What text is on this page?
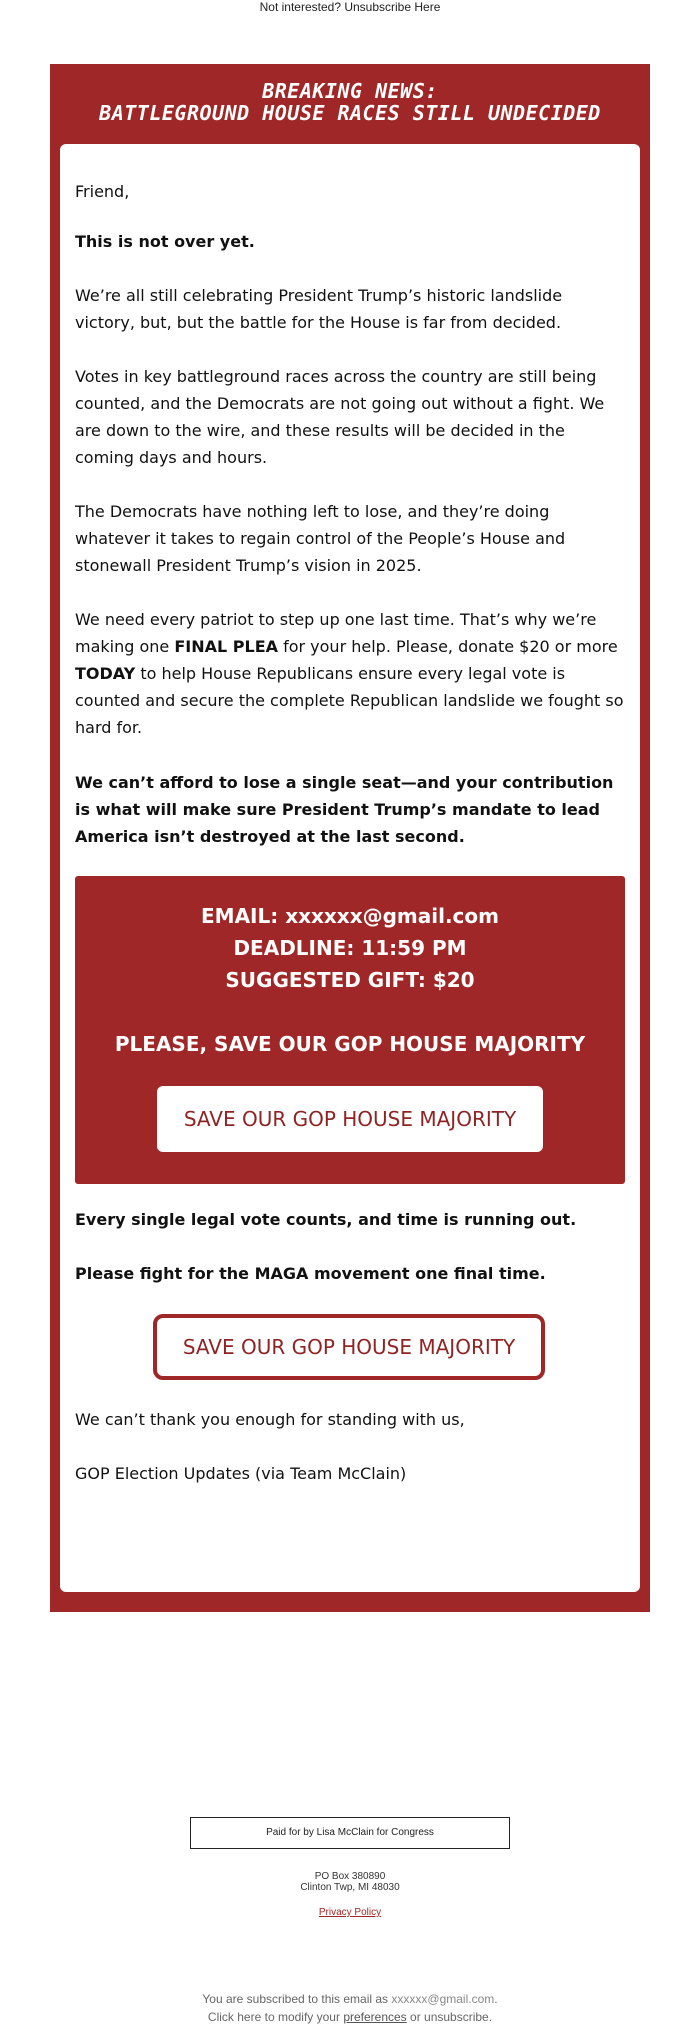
Not interested? Unsubscribe Here
BREAKING NEWS:
BATTLEGROUND HOUSE RACES STILL UNDECIDED
Friend,
This is not over yet.
We’re all still celebrating President Trump’s historic landslide victory, but, but the battle for the House is far from decided.
Votes in key battleground races across the country are still being counted, and the Democrats are not going out without a fight. We are down to the wire, and these results will be decided in the coming days and hours.
The Democrats have nothing left to lose, and they’re doing whatever it takes to regain control of the People’s House and stonewall President Trump’s vision in 2025.
We need every patriot to step up one last time. That’s why we’re making one FINAL PLEA for your help. Please, donate $20 or more TODAY to help House Republicans ensure every legal vote is counted and secure the complete Republican landslide we fought so hard for.
We can’t afford to lose a single seat—and your contribution is what will make sure President Trump’s mandate to lead America isn’t destroyed at the last second.
EMAIL: xxxxxx@gmail.com
DEADLINE: 11:59 PM
SUGGESTED GIFT: $20
PLEASE, SAVE OUR GOP HOUSE MAJORITY
SAVE OUR GOP HOUSE MAJORITY
Every single legal vote counts, and time is running out.
Please fight for the MAGA movement one final time.
SAVE OUR GOP HOUSE MAJORITY
We can’t thank you enough for standing with us,
GOP Election Updates (via Team McClain)
Paid for by Lisa McClain for Congress
PO Box 380890
Clinton Twp, MI 48030
Privacy Policy
You are subscribed to this email as xxxxxx@gmail.com.
Click here to modify your preferences or unsubscribe.
